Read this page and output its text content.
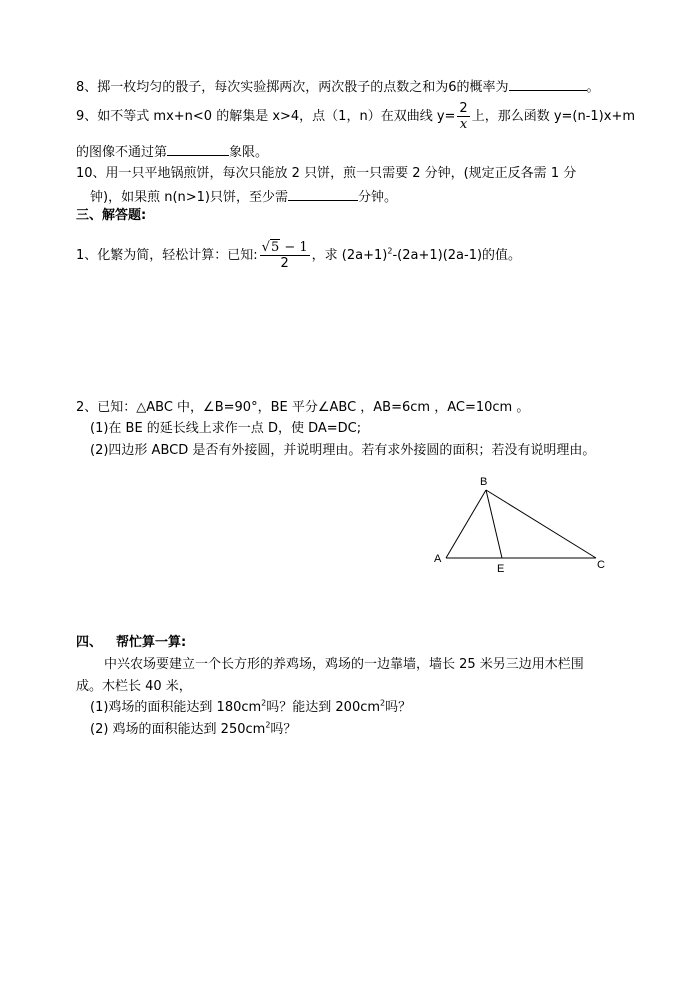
8、掷一枚均匀的骰子，每次实验掷两次，两次骰子的点数之和为6的概率为	。
9、如不等式 mx+n<0 的解集是 x>4，点（1，n）在双曲线 $y= \frac{2}{x}$ 上，那么函数 y=(n-1)x+m
的图像不通过第	象限。
10、用一只平地锅煎饼，每次只能放 2 只饼，煎一只需要 2 分钟，(规定正反各需 1 分
钟)，如果煎 n(n>1)只饼，至少需	分钟。
三、解答题:
1、化繁为简，轻松计算：已知: $\frac{√5 - 1}{2}$ ，求 $(2a+1)^2-(2a+1)(2a-1)$的值。
2、已知：△ABC 中，∠B=90°，BE 平分∠ABC ，AB=6cm ，AC=10cm 。
(1)在 BE 的延长线上求作一点 D，使 DA=DC;
(2)四边形 ABCD 是否有外接圆，并说明理由。若有求外接圆的面积；若没有说明理由。
B
A	C
E
四、 帮忙算一算:
中兴农场要建立一个长方形的养鸡场，鸡场的一边靠墙，墙长 25 米另三边用木栏围
成。木栏长 40 米，
(1)鸡场的面积能达到 $180cm^2$吗？能达到 $200cm^2$吗？
(2) 鸡场的面积能达到 $250cm^2$吗？
